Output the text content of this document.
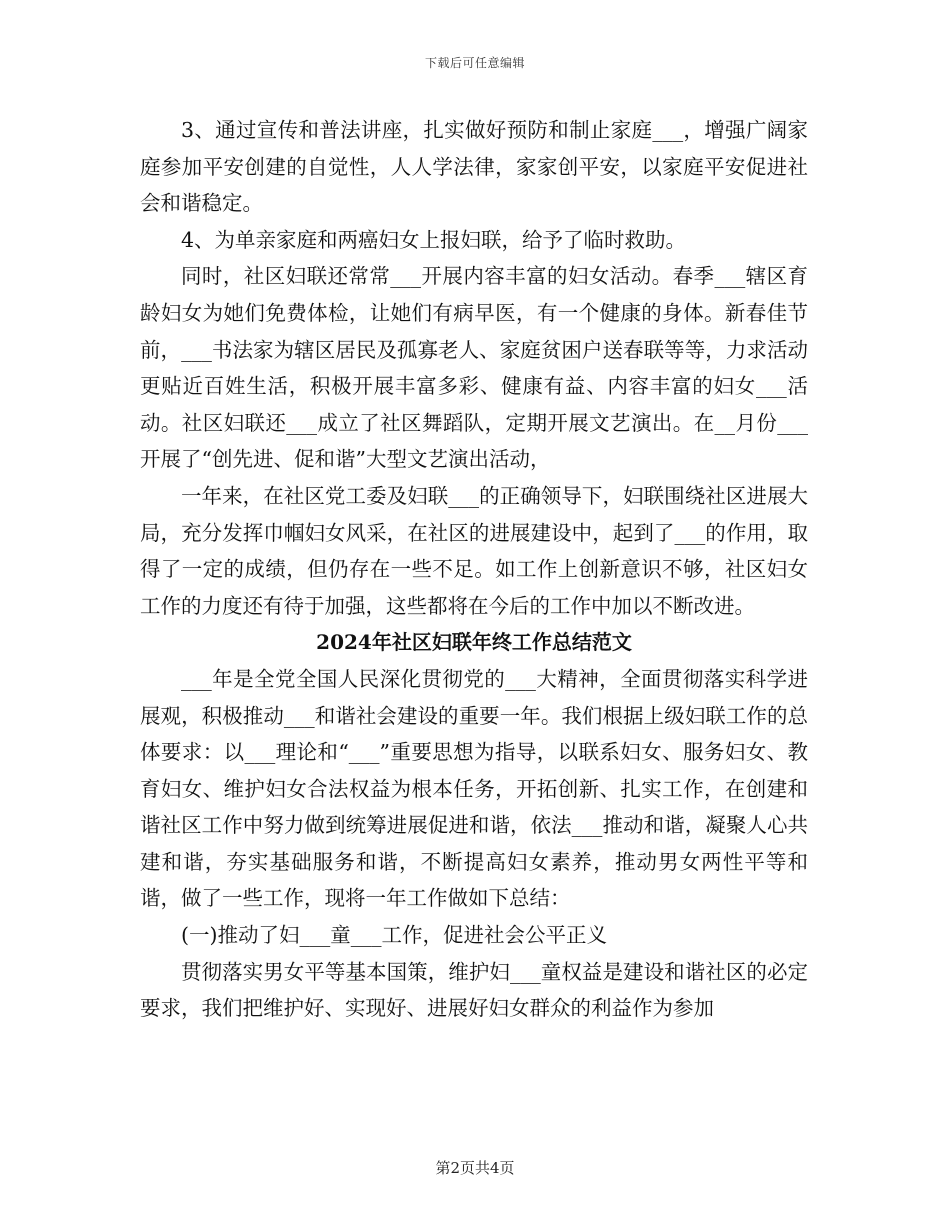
下载后可任意编辑

3、通过宣传和普法讲座，扎实做好预防和制止家庭___，增强广阔家庭参加平安创建的自觉性，人人学法律，家家创平安，以家庭平安促进社会和谐稳定。

4、为单亲家庭和两癌妇女上报妇联，给予了临时救助。

同时，社区妇联还常常___开展内容丰富的妇女活动。春季___辖区育龄妇女为她们免费体检，让她们有病早医，有一个健康的身体。新春佳节前，___书法家为辖区居民及孤寡老人、家庭贫困户送春联等等，力求活动更贴近百姓生活，积极开展丰富多彩、健康有益、内容丰富的妇女___活动。社区妇联还___成立了社区舞蹈队，定期开展文艺演出。在__月份___开展了“创先进、促和谐”大型文艺演出活动，

一年来，在社区党工委及妇联___的正确领导下，妇联围绕社区进展大局，充分发挥巾帼妇女风采，在社区的进展建设中，起到了___的作用，取得了一定的成绩，但仍存在一些不足。如工作上创新意识不够，社区妇女工作的力度还有待于加强，这些都将在今后的工作中加以不断改进。

2024年社区妇联年终工作总结范文

___年是全党全国人民深化贯彻党的___大精神，全面贯彻落实科学进展观，积极推动___和谐社会建设的重要一年。我们根据上级妇联工作的总体要求：以___理论和“___”重要思想为指导，以联系妇女、服务妇女、教育妇女、维护妇女合法权益为根本任务，开拓创新、扎实工作，在创建和谐社区工作中努力做到统筹进展促进和谐，依法___推动和谐，凝聚人心共建和谐，夯实基础服务和谐，不断提高妇女素养，推动男女两性平等和谐，做了一些工作，现将一年工作做如下总结：

(一)推动了妇___童___工作，促进社会公平正义

贯彻落实男女平等基本国策，维护妇___童权益是建设和谐社区的必定要求，我们把维护好、实现好、进展好妇女群众的利益作为参加

第2页共4页
